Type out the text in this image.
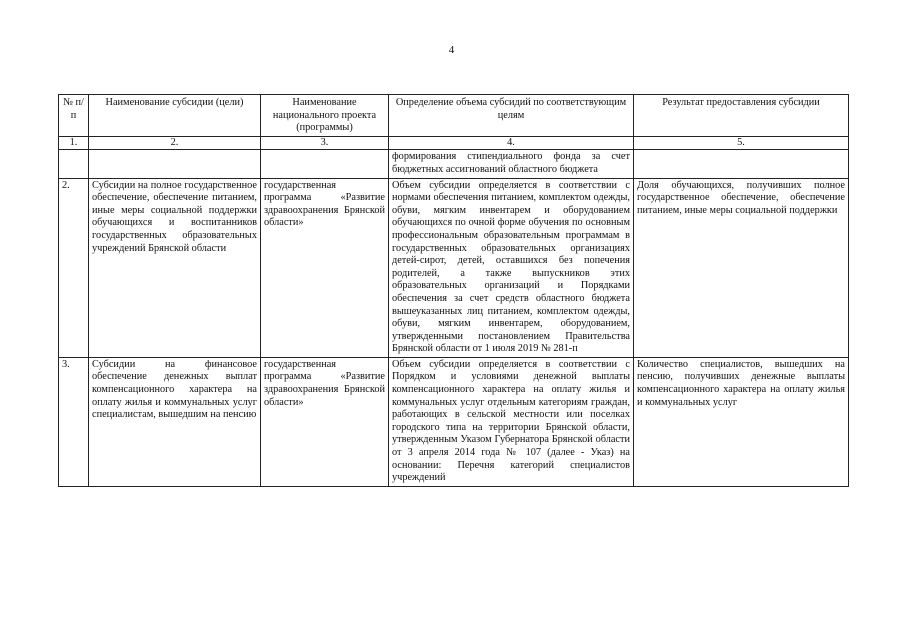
4
№ п/п	Наименование субсидии (цели)	Наименование национального проекта (программы)	Определение объема субсидий по соответствующим целям	Результат предоставления субсидии
1.	2.	3.	4.	5.
			формирования стипендиального фонда за счет бюджетных ассигнований областного бюджета	
2.	Субсидии на полное государственное обеспечение, обеспечение питанием, иные меры социальной поддержки обучающихся и воспитанников государственных образовательных учреждений Брянской области	государственная программа «Развитие здравоохранения Брянской области»	Объем субсидии определяется в соответствии с нормами обеспечения питанием, комплектом одежды, обуви, мягким инвентарем и оборудованием обучающихся по очной форме обучения по основным профессиональным образовательным программам в государственных образовательных организациях детей-сирот, детей, оставшихся без попечения родителей, а также выпускников этих образовательных организаций и Порядками обеспечения за счет средств областного бюджета вышеуказанных лиц питанием, комплектом одежды, обуви, мягким инвентарем, оборудованием, утвержденными постановлением Правительства Брянской области от 1 июля 2019 № 281-п	Доля обучающихся, получивших полное государственное обеспечение, обеспечение питанием, иные меры социальной поддержки
3.	Субсидии на финансовое обеспечение денежных выплат компенсационного характера на оплату жилья и коммунальных услуг специалистам, вышедшим на пенсию	государственная программа «Развитие здравоохранения Брянской области»	Объем субсидии определяется в соответствии с Порядком и условиями денежной выплаты компенсационного характера на оплату жилья и коммунальных услуг отдельным категориям граждан, работающих в сельской местности или поселках городского типа на территории Брянской области, утвержденным Указом Губернатора Брянской области от 3 апреля 2014 года № 107 (далее - Указ) на основании: Перечня категорий специалистов учреждений	Количество специалистов, вышедших на пенсию, получивших денежные выплаты компенсационного характера на оплату жилья и коммунальных услуг
